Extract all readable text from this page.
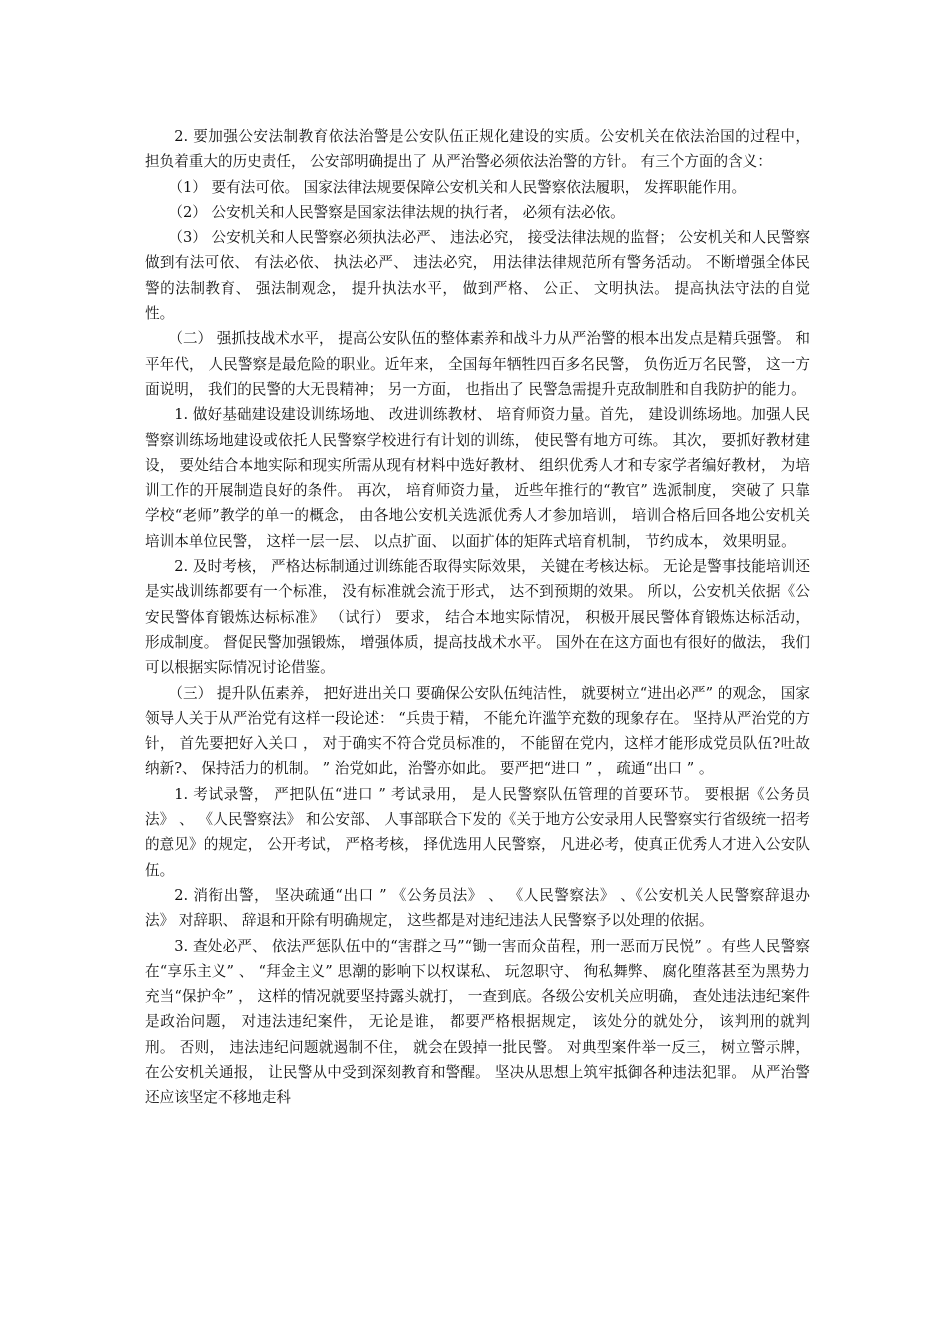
2. 要加强公安法制教育依法治警是公安队伍正规化建设的实质。公安机关在依法治国的过程中， 担负着重大的历史责任， 公安部明确提出了 从严治警必须依法治警的方针。 有三个方面的含义：

（1） 要有法可依。 国家法律法规要保障公安机关和人民警察依法履职， 发挥职能作用。

（2） 公安机关和人民警察是国家法律法规的执行者， 必须有法必依。

（3） 公安机关和人民警察必须执法必严、 违法必究， 接受法律法规的监督； 公安机关和人民警察做到有法可依、 有法必依、 执法必严、 违法必究， 用法律法律规范所有警务活动。 不断增强全体民警的法制教育、 强法制观念， 提升执法水平， 做到严格、 公正、 文明执法。 提高执法守法的自觉性。

（二） 强抓技战术水平， 提高公安队伍的整体素养和战斗力从严治警的根本出发点是精兵强警。 和平年代， 人民警察是最危险的职业。近年来， 全国每年牺牲四百多名民警， 负伤近万名民警， 这一方面说明， 我们的民警的大无畏精神； 另一方面， 也指出了 民警急需提升克敌制胜和自我防护的能力。

1. 做好基础建设建设训练场地、 改进训练教材、 培育师资力量。首先， 建设训练场地。加强人民警察训练场地建设或依托人民警察学校进行有计划的训练， 使民警有地方可练。 其次， 要抓好教材建设， 要处结合本地实际和现实所需从现有材料中选好教材、 组织优秀人才和专家学者编好教材， 为培训工作的开展制造良好的条件。 再次， 培育师资力量， 近些年推行的“教官” 选派制度， 突破了 只靠学校“老师”教学的单一的概念， 由各地公安机关选派优秀人才参加培训， 培训合格后回各地公安机关培训本单位民警， 这样一层一层、 以点扩面、 以面扩体的矩阵式培育机制， 节约成本， 效果明显。

2. 及时考核， 严格达标制通过训练能否取得实际效果， 关键在考核达标。 无论是警事技能培训还是实战训练都要有一个标准， 没有标准就会流于形式， 达不到预期的效果。 所以，公安机关依据《公安民警体育锻炼达标标准》 （试行） 要求， 结合本地实际情况， 积极开展民警体育锻炼达标活动， 形成制度。 督促民警加强锻炼， 增强体质，提高技战术水平。 国外在在这方面也有很好的做法， 我们可以根据实际情况讨论借鉴。

（三） 提升队伍素养， 把好进出关口 要确保公安队伍纯洁性， 就要树立“进出必严” 的观念， 国家领导人关于从严治党有这样一段论述： “兵贵于精， 不能允许滥竽充数的现象存在。 坚持从严治党的方针， 首先要把好入关口 ， 对于确实不符合党员标准的， 不能留在党内，这样才能形成党员队伍?吐故纳新?、 保持活力的机制。 ” 治党如此，治警亦如此。 要严把“进口 ” ， 疏通“出口 ” 。

1. 考试录警， 严把队伍“进口 ” 考试录用， 是人民警察队伍管理的首要环节。 要根据《公务员法》 、 《人民警察法》 和公安部、 人事部联合下发的《关于地方公安录用人民警察实行省级统一招考的意见》的规定， 公开考试， 严格考核， 择优选用人民警察， 凡进必考，使真正优秀人才进入公安队伍。

2. 消衔出警， 坚决疏通“出口 ” 《公务员法》 、 《人民警察法》 、《公安机关人民警察辞退办法》 对辞职、 辞退和开除有明确规定， 这些都是对违纪违法人民警察予以处理的依据。

3. 查处必严、 依法严惩队伍中的“害群之马”“锄一害而众苗程，刑一恶而万民悦” 。有些人民警察在“享乐主义” 、 “拜金主义” 思潮的影响下以权谋私、 玩忽职守、 徇私舞弊、 腐化堕落甚至为黑势力充当“保护伞” ， 这样的情况就要坚持露头就打， 一查到底。各级公安机关应明确， 查处违法违纪案件是政治问题， 对违法违纪案件， 无论是谁， 都要严格根据规定， 该处分的就处分， 该判刑的就判刑。 否则， 违法违纪问题就遏制不住， 就会在毁掉一批民警。 对典型案件举一反三， 树立警示牌， 在公安机关通报， 让民警从中受到深刻教育和警醒。 坚决从思想上筑牢抵御各种违法犯罪。 从严治警还应该坚定不移地走科
